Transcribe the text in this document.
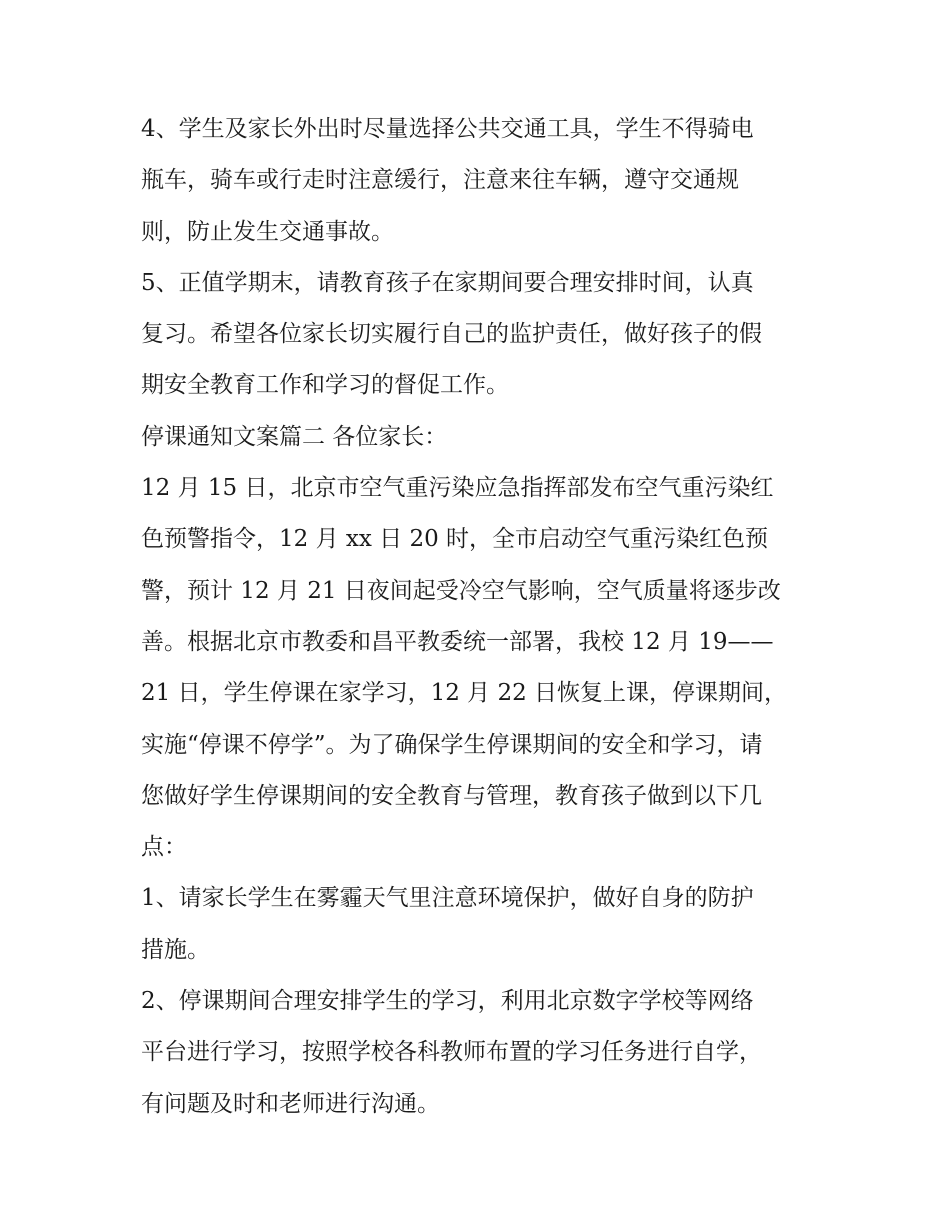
4、学生及家长外出时尽量选择公共交通工具，学生不得骑电
瓶车，骑车或行走时注意缓行，注意来往车辆，遵守交通规
则，防止发生交通事故。
5、正值学期末，请教育孩子在家期间要合理安排时间，认真
复习。希望各位家长切实履行自己的监护责任，做好孩子的假
期安全教育工作和学习的督促工作。
停课通知文案篇二 各位家长：
12 月 15 日，北京市空气重污染应急指挥部发布空气重污染红
色预警指令，12 月 xx 日 20 时，全市启动空气重污染红色预
警，预计 12 月 21 日夜间起受冷空气影响，空气质量将逐步改
善。根据北京市教委和昌平教委统一部署，我校 12 月 19——
21 日，学生停课在家学习，12 月 22 日恢复上课，停课期间，
实施“停课不停学”。为了确保学生停课期间的安全和学习，请
您做好学生停课期间的安全教育与管理，教育孩子做到以下几
点：
1、请家长学生在雾霾天气里注意环境保护，做好自身的防护
措施。
2、停课期间合理安排学生的学习，利用北京数字学校等网络
平台进行学习，按照学校各科教师布置的学习任务进行自学，
有问题及时和老师进行沟通。
